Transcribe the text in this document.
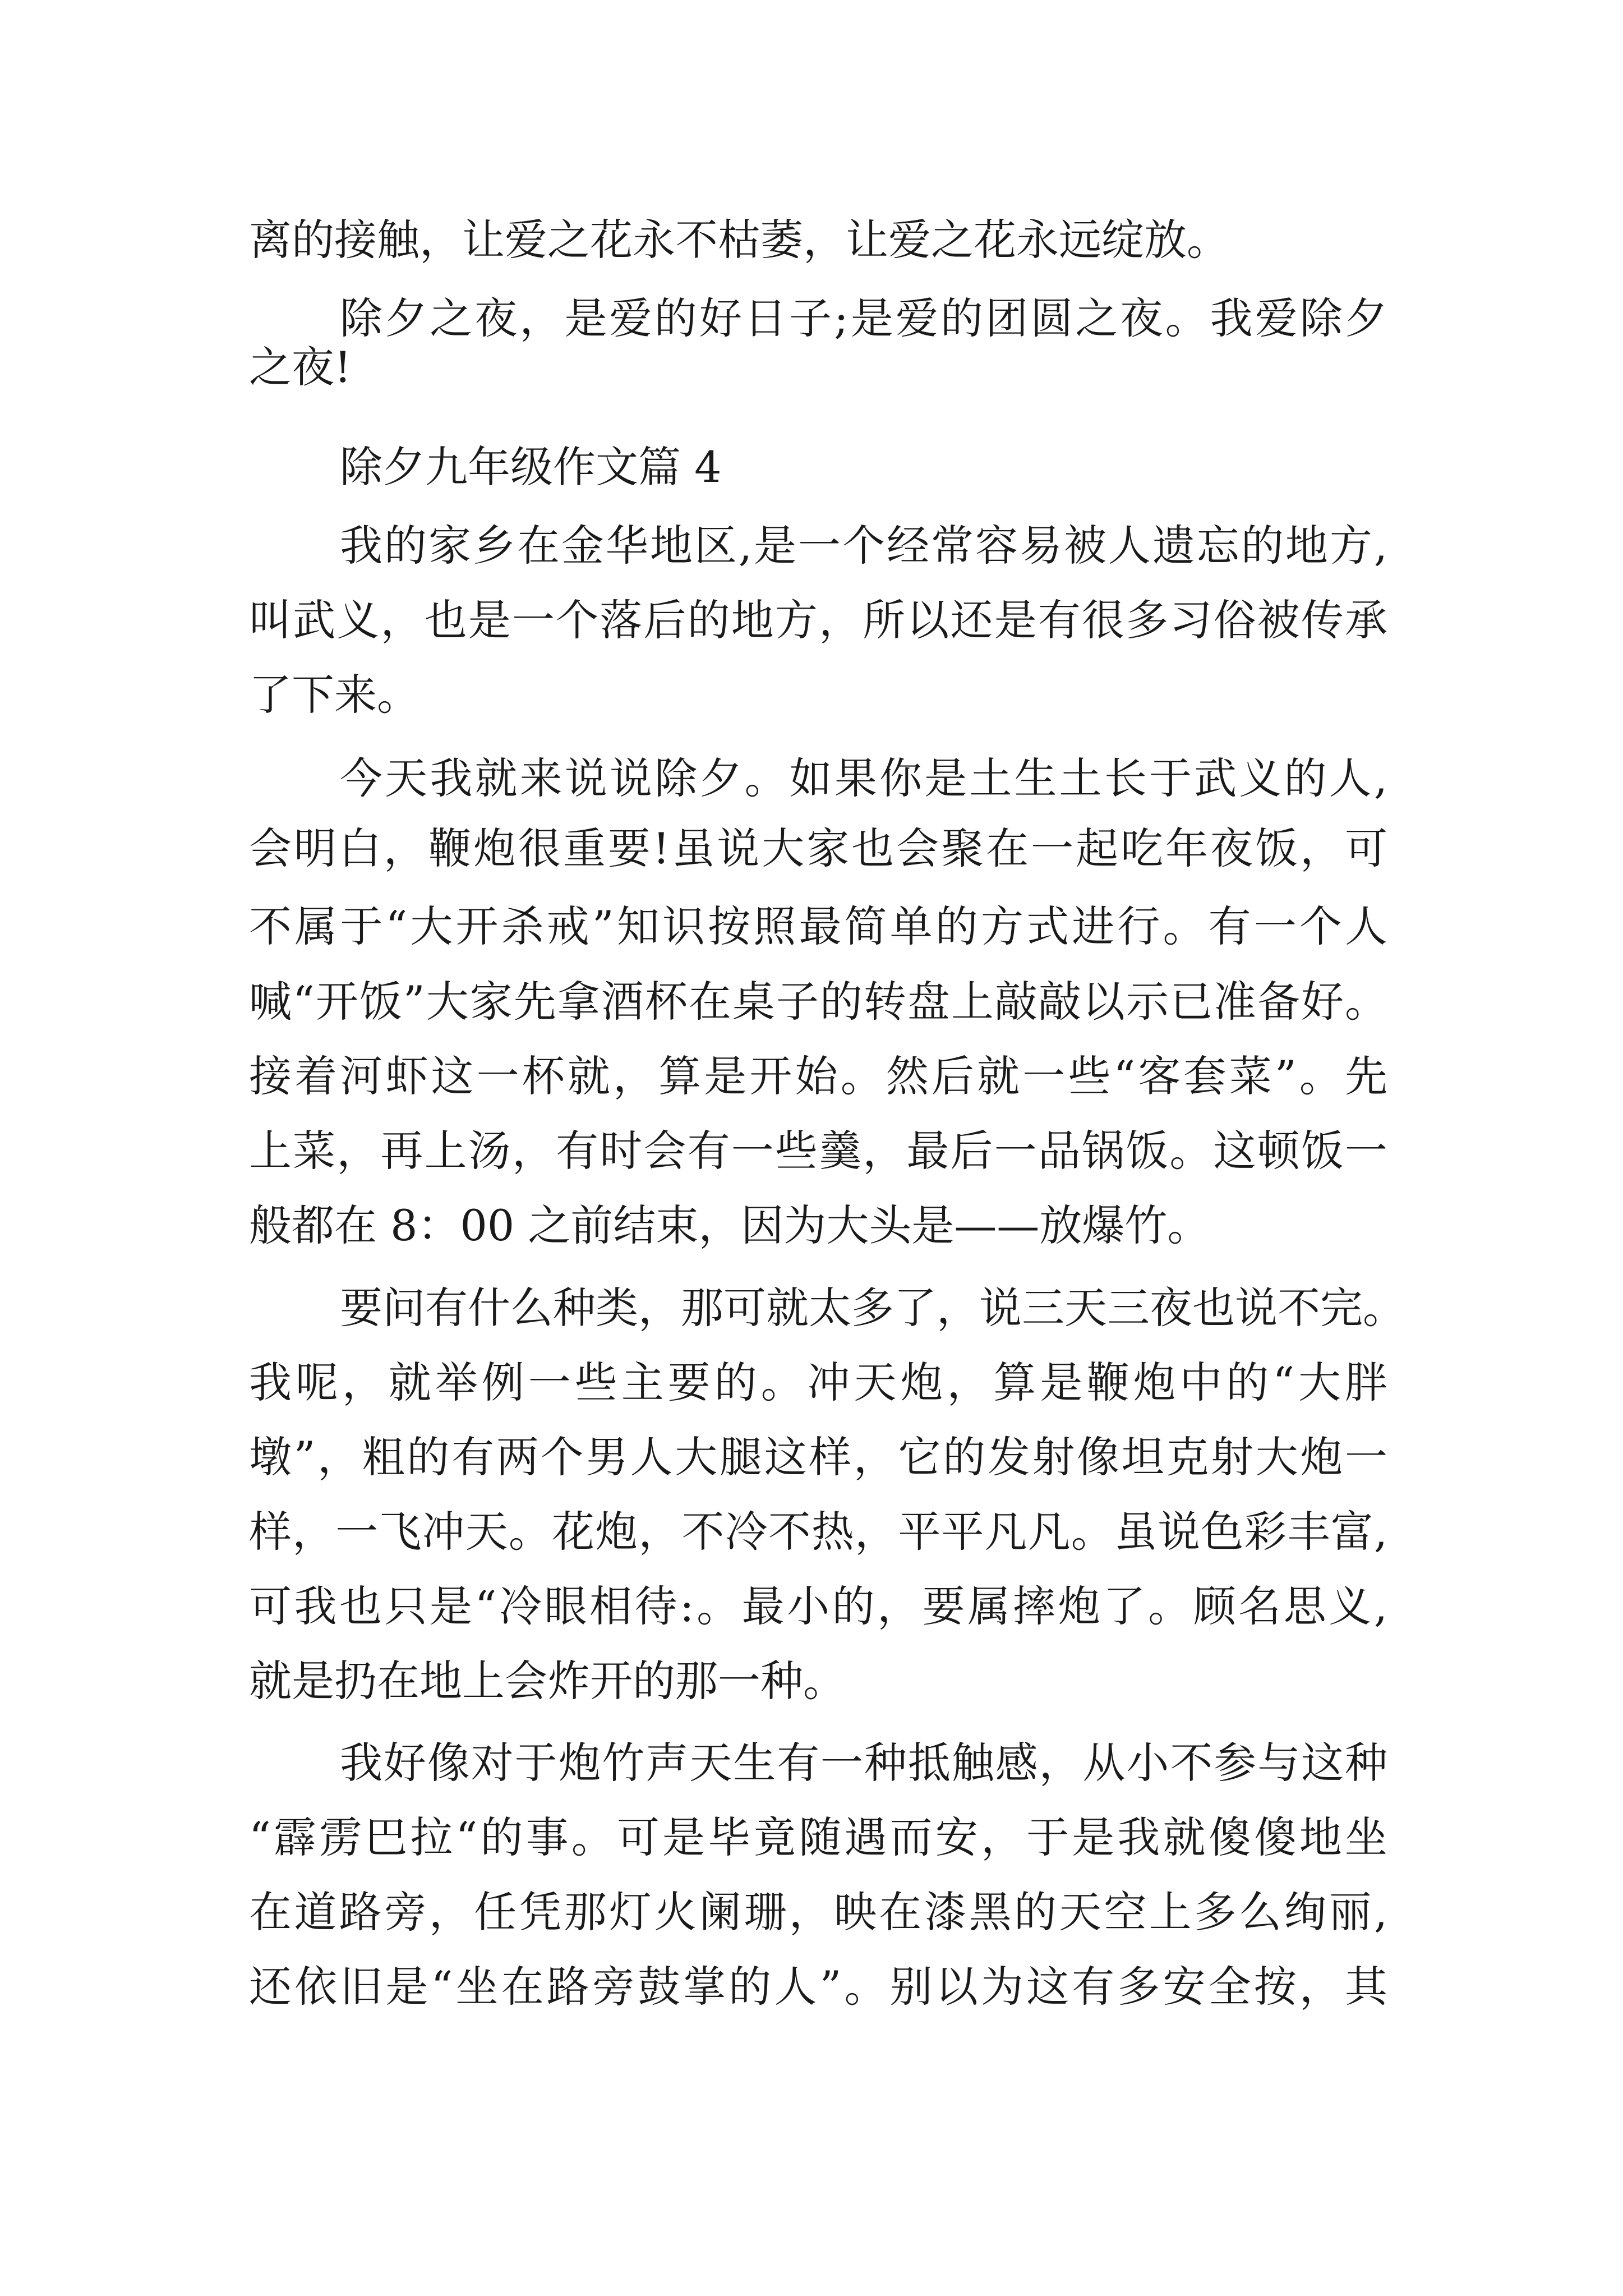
离的接触，让爱之花永不枯萎，让爱之花永远绽放。
除夕之夜，是爱的好日子;是爱的团圆之夜。我爱除夕
之夜!
除夕九年级作文篇 4
我的家乡在金华地区,是一个经常容易被人遗忘的地方,
叫武义，也是一个落后的地方，所以还是有很多习俗被传承
了下来。
今天我就来说说除夕。如果你是土生土长于武义的人,
会明白，鞭炮很重要!虽说大家也会聚在一起吃年夜饭，可
不属于“大开杀戒”知识按照最简单的方式进行。有一个人
喊“开饭”大家先拿酒杯在桌子的转盘上敲敲以示已准备好。
接着河虾这一杯就，算是开始。然后就一些“客套菜”。先
上菜，再上汤，有时会有一些羹，最后一品锅饭。这顿饭一
般都在 8：00 之前结束，因为大头是——放爆竹。
要问有什么种类，那可就太多了，说三天三夜也说不完。
我呢，就举例一些主要的。冲天炮，算是鞭炮中的“大胖
墩”，粗的有两个男人大腿这样，它的发射像坦克射大炮一
样，一飞冲天。花炮，不冷不热，平平凡凡。虽说色彩丰富,
可我也只是“冷眼相待:。最小的，要属摔炮了。顾名思义,
就是扔在地上会炸开的那一种。
我好像对于炮竹声天生有一种抵触感，从小不参与这种
“霹雳巴拉“的事。可是毕竟随遇而安，于是我就傻傻地坐
在道路旁，任凭那灯火阑珊，映在漆黑的天空上多么绚丽,
还依旧是“坐在路旁鼓掌的人”。别以为这有多安全按，其
